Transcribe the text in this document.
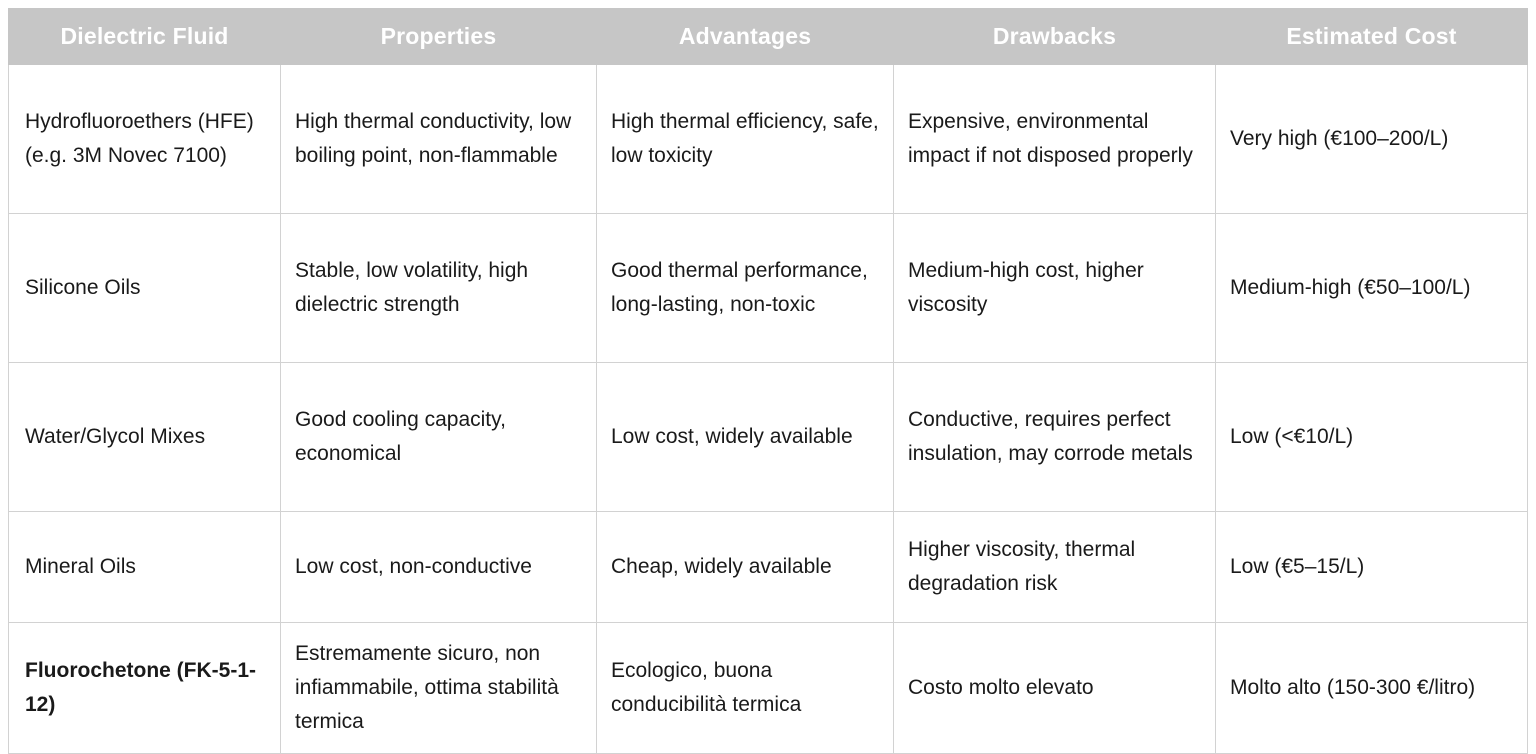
Dielectric Fluid	Properties	Advantages	Drawbacks	Estimated Cost
Hydrofluoroethers (HFE) (e.g. 3M Novec 7100)	High thermal conductivity, low boiling point, non-flammable	High thermal efficiency, safe, low toxicity	Expensive, environmental impact if not disposed properly	Very high (€100–200/L)
Silicone Oils	Stable, low volatility, high dielectric strength	Good thermal performance, long-lasting, non-toxic	Medium-high cost, higher viscosity	Medium-high (€50–100/L)
Water/Glycol Mixes	Good cooling capacity, economical	Low cost, widely available	Conductive, requires perfect insulation, may corrode metals	Low (<€10/L)
Mineral Oils	Low cost, non-conductive	Cheap, widely available	Higher viscosity, thermal degradation risk	Low (€5–15/L)
Fluorochetone (FK-5-1-12)	Estremamente sicuro, non infiammabile, ottima stabilità termica	Ecologico, buona conducibilità termica	Costo molto elevato	Molto alto (150-300 €/litro)
